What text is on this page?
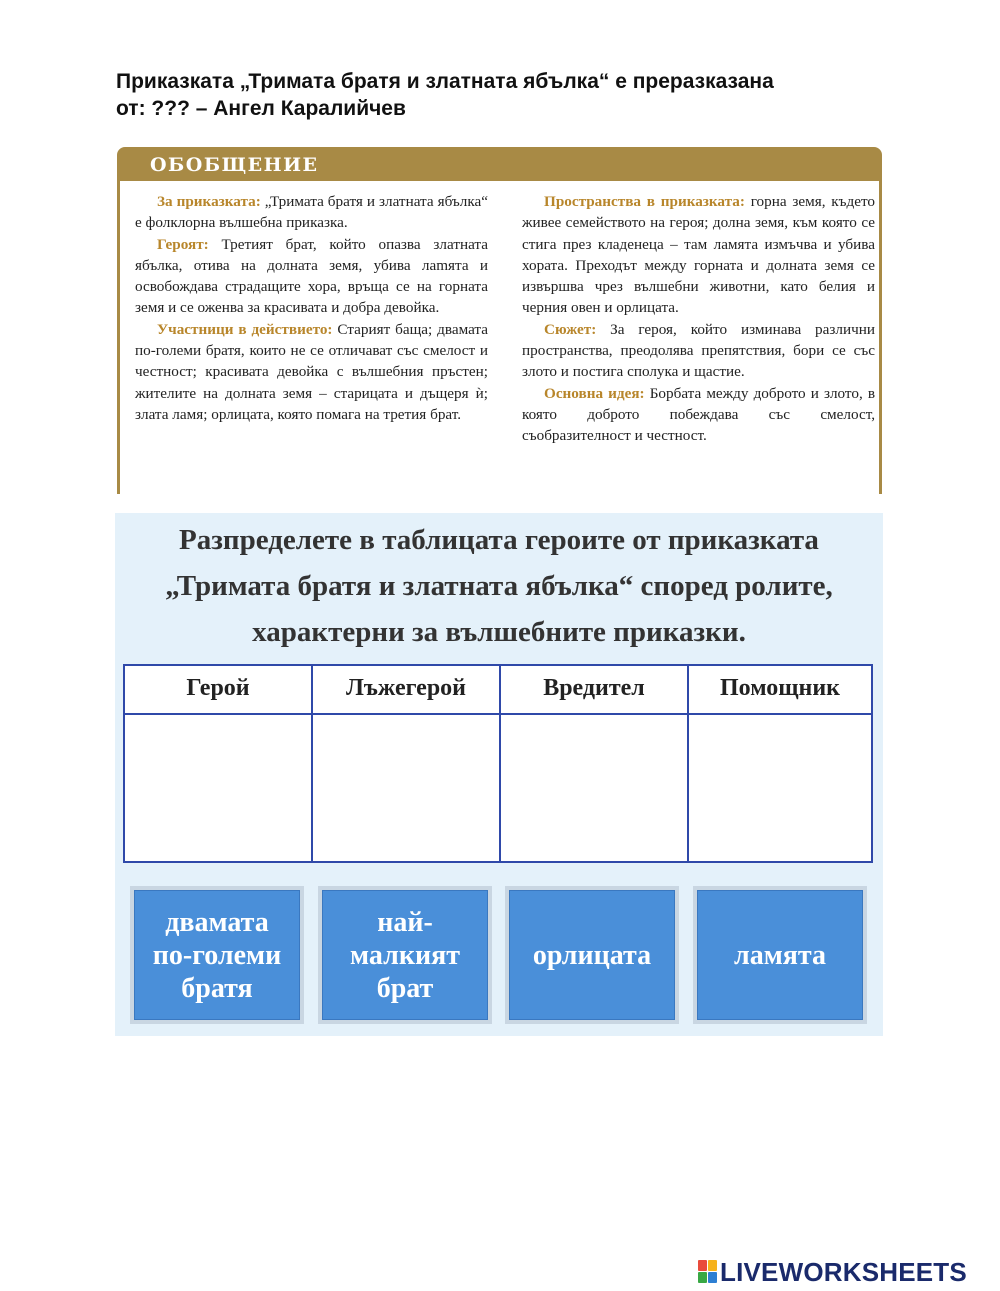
Приказката „Тримата братя и златната ябълка“ е преразказана
от: ??? – Ангел Каралийчев
ОБОБЩЕНИЕ

За приказката: „Тримата братя и златната ябълка“ е фолклорна вълшебна приказка.

Героят: Третият брат, който опазва златната ябълка, отива на долната земя, убива лamята и освобождава страдащите хора, връща се на горната земя и се оженва за красивата и добра девойка.

Участници в действието: Старият баща; двамата по-големи братя, които не се отличават със смелост и честност; красивата девойка с вълшебния пръстен; жителите на долната земя – старицата и дъщеря ѝ; злата ламя; орлицата, която помага на третия брат.

Пространства в приказката: горна земя, където живее семейството на героя; долна земя, към която се стига през кладенеца – там ламята измъчва и убива хората. Преходът между горната и долната земя се извършва чрез вълшебни животни, като белия и черния овен и орлицата.

Сюжет: За героя, който изминава различни пространства, преодолява препятствия, бори се със злото и постига сполука и щастие.

Основна идея: Борбата между доброто и злото, в която доброто побеждава със смелост, съобразителност и честност.

Разпределете в таблицата героите от приказката
„Тримата братя и златната ябълка“ според ролите,
характерни за вълшебните приказки.
Герой	Лъжегерой	Вредител	Помощник
двамата
по-големи
братя
най-
малкият
брат
орлицата	ламята
LIVEWORKSHEETS
